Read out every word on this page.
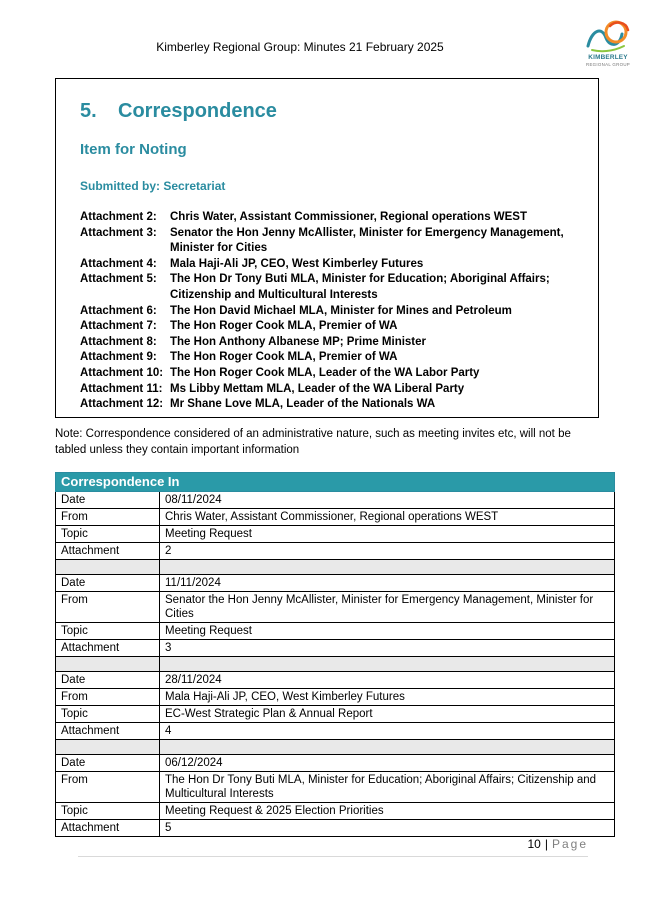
Kimberley Regional Group: Minutes 21 February 2025
KIMBERLEY
REGIONAL GROUP
5. Correspondence
Item for Noting
Submitted by: Secretariat
Attachment 2:	Chris Water, Assistant Commissioner, Regional operations WEST
Attachment 3:	Senator the Hon Jenny McAllister, Minister for Emergency Management, Minister for Cities
Attachment 4:	Mala Haji-Ali JP, CEO, West Kimberley Futures
Attachment 5:	The Hon Dr Tony Buti MLA, Minister for Education; Aboriginal Affairs; Citizenship and Multicultural Interests
Attachment 6:	The Hon David Michael MLA, Minister for Mines and Petroleum
Attachment 7:	The Hon Roger Cook MLA, Premier of WA
Attachment 8:	The Hon Anthony Albanese MP; Prime Minister
Attachment 9:	The Hon Roger Cook MLA, Premier of WA
Attachment 10: The Hon Roger Cook MLA, Leader of the WA Labor Party
Attachment 11: Ms Libby Mettam MLA, Leader of the WA Liberal Party
Attachment 12: Mr Shane Love MLA, Leader of the Nationals WA
Note: Correspondence considered of an administrative nature, such as meeting invites etc, will not be tabled unless they contain important information
Correspondence In	
Date	08/11/2024
From	Chris Water, Assistant Commissioner, Regional operations WEST
Topic	Meeting Request
Attachment	2

Date	11/11/2024
From	Senator the Hon Jenny McAllister, Minister for Emergency Management, Minister for Cities
Topic	Meeting Request
Attachment	3

Date	28/11/2024
From	Mala Haji-Ali JP, CEO, West Kimberley Futures
Topic	EC-West Strategic Plan & Annual Report
Attachment	4

Date	06/12/2024
From	The Hon Dr Tony Buti MLA, Minister for Education; Aboriginal Affairs; Citizenship and Multicultural Interests
Topic	Meeting Request & 2025 Election Priorities
Attachment	5
10 | Page
